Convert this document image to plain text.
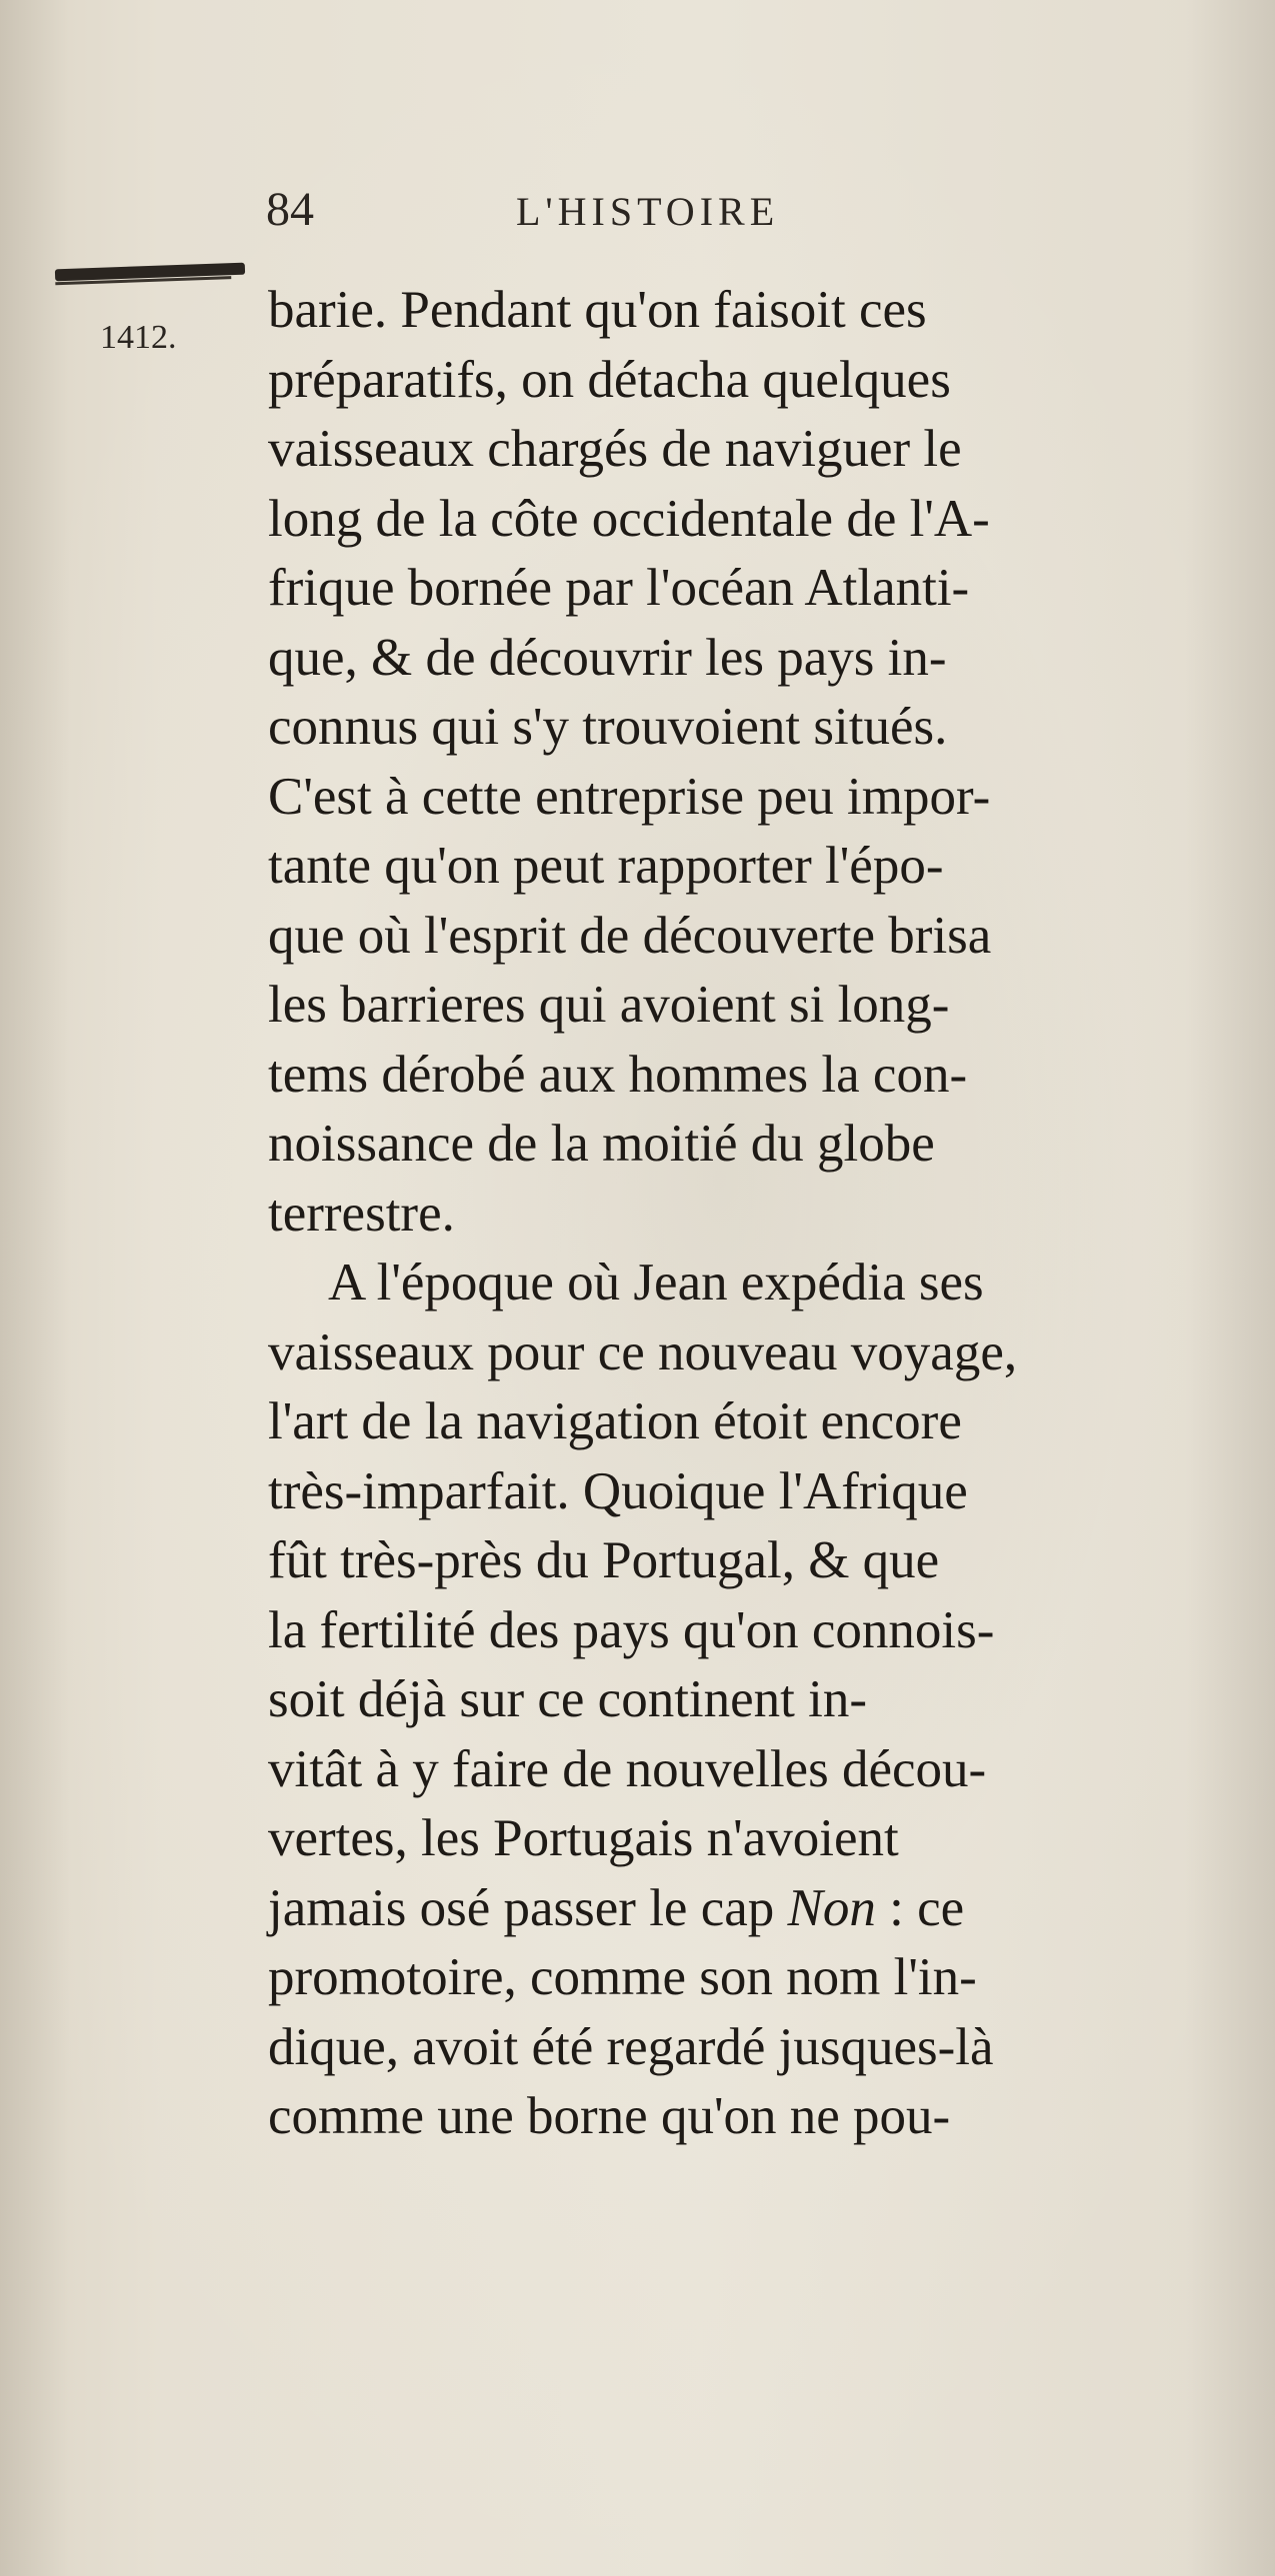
84	L'HISTOIRE
1412. barie. Pendant qu'on faisoit ces
préparatifs, on détacha quelques
vaisseaux chargés de naviguer le
long de la côte occidentale de l'A-
frique bornée par l'océan Atlanti-
que, & de découvrir les pays in-
connus qui s'y trouvoient situés.
C'est à cette entreprise peu impor-
tante qu'on peut rapporter l'épo-
que où l'esprit de découverte brisa
les barrieres qui avoient si long-
tems dérobé aux hommes la con-
noissance de la moitié du globe
terrestre.
A l'époque où Jean expédia ses
vaisseaux pour ce nouveau voyage,
l'art de la navigation étoit encore
très-imparfait. Quoique l'Afrique
fût très-près du Portugal, & que
la fertilité des pays qu'on connois-
soit déjà sur ce continent in-
vitât à y faire de nouvelles décou-
vertes, les Portugais n'avoient
jamais osé passer le cap Non : ce
promotoire, comme son nom l'in-
dique, avoit été regardé jusques-là
comme une borne qu'on ne pou-
